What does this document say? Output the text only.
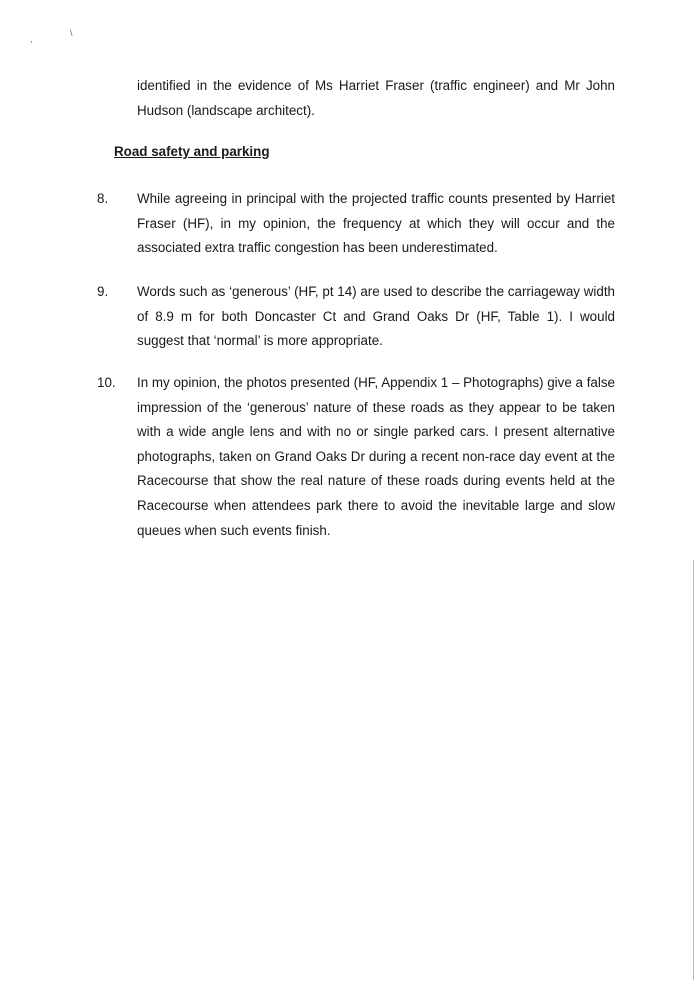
,
\

identified in the evidence of Ms Harriet Fraser (traffic engineer) and Mr John Hudson (landscape architect).

Road safety and parking

8. While agreeing in principal with the projected traffic counts presented by Harriet Fraser (HF), in my opinion, the frequency at which they will occur and the associated extra traffic congestion has been underestimated.

9. Words such as ‘generous’ (HF, pt 14) are used to describe the carriageway width of 8.9 m for both Doncaster Ct and Grand Oaks Dr (HF, Table 1). I would suggest that ‘normal’ is more appropriate.

10. In my opinion, the photos presented (HF, Appendix 1 – Photographs) give a false impression of the ‘generous’ nature of these roads as they appear to be taken with a wide angle lens and with no or single parked cars. I present alternative photographs, taken on Grand Oaks Dr during a recent non-race day event at the Racecourse that show the real nature of these roads during events held at the Racecourse when attendees park there to avoid the inevitable large and slow queues when such events finish.
